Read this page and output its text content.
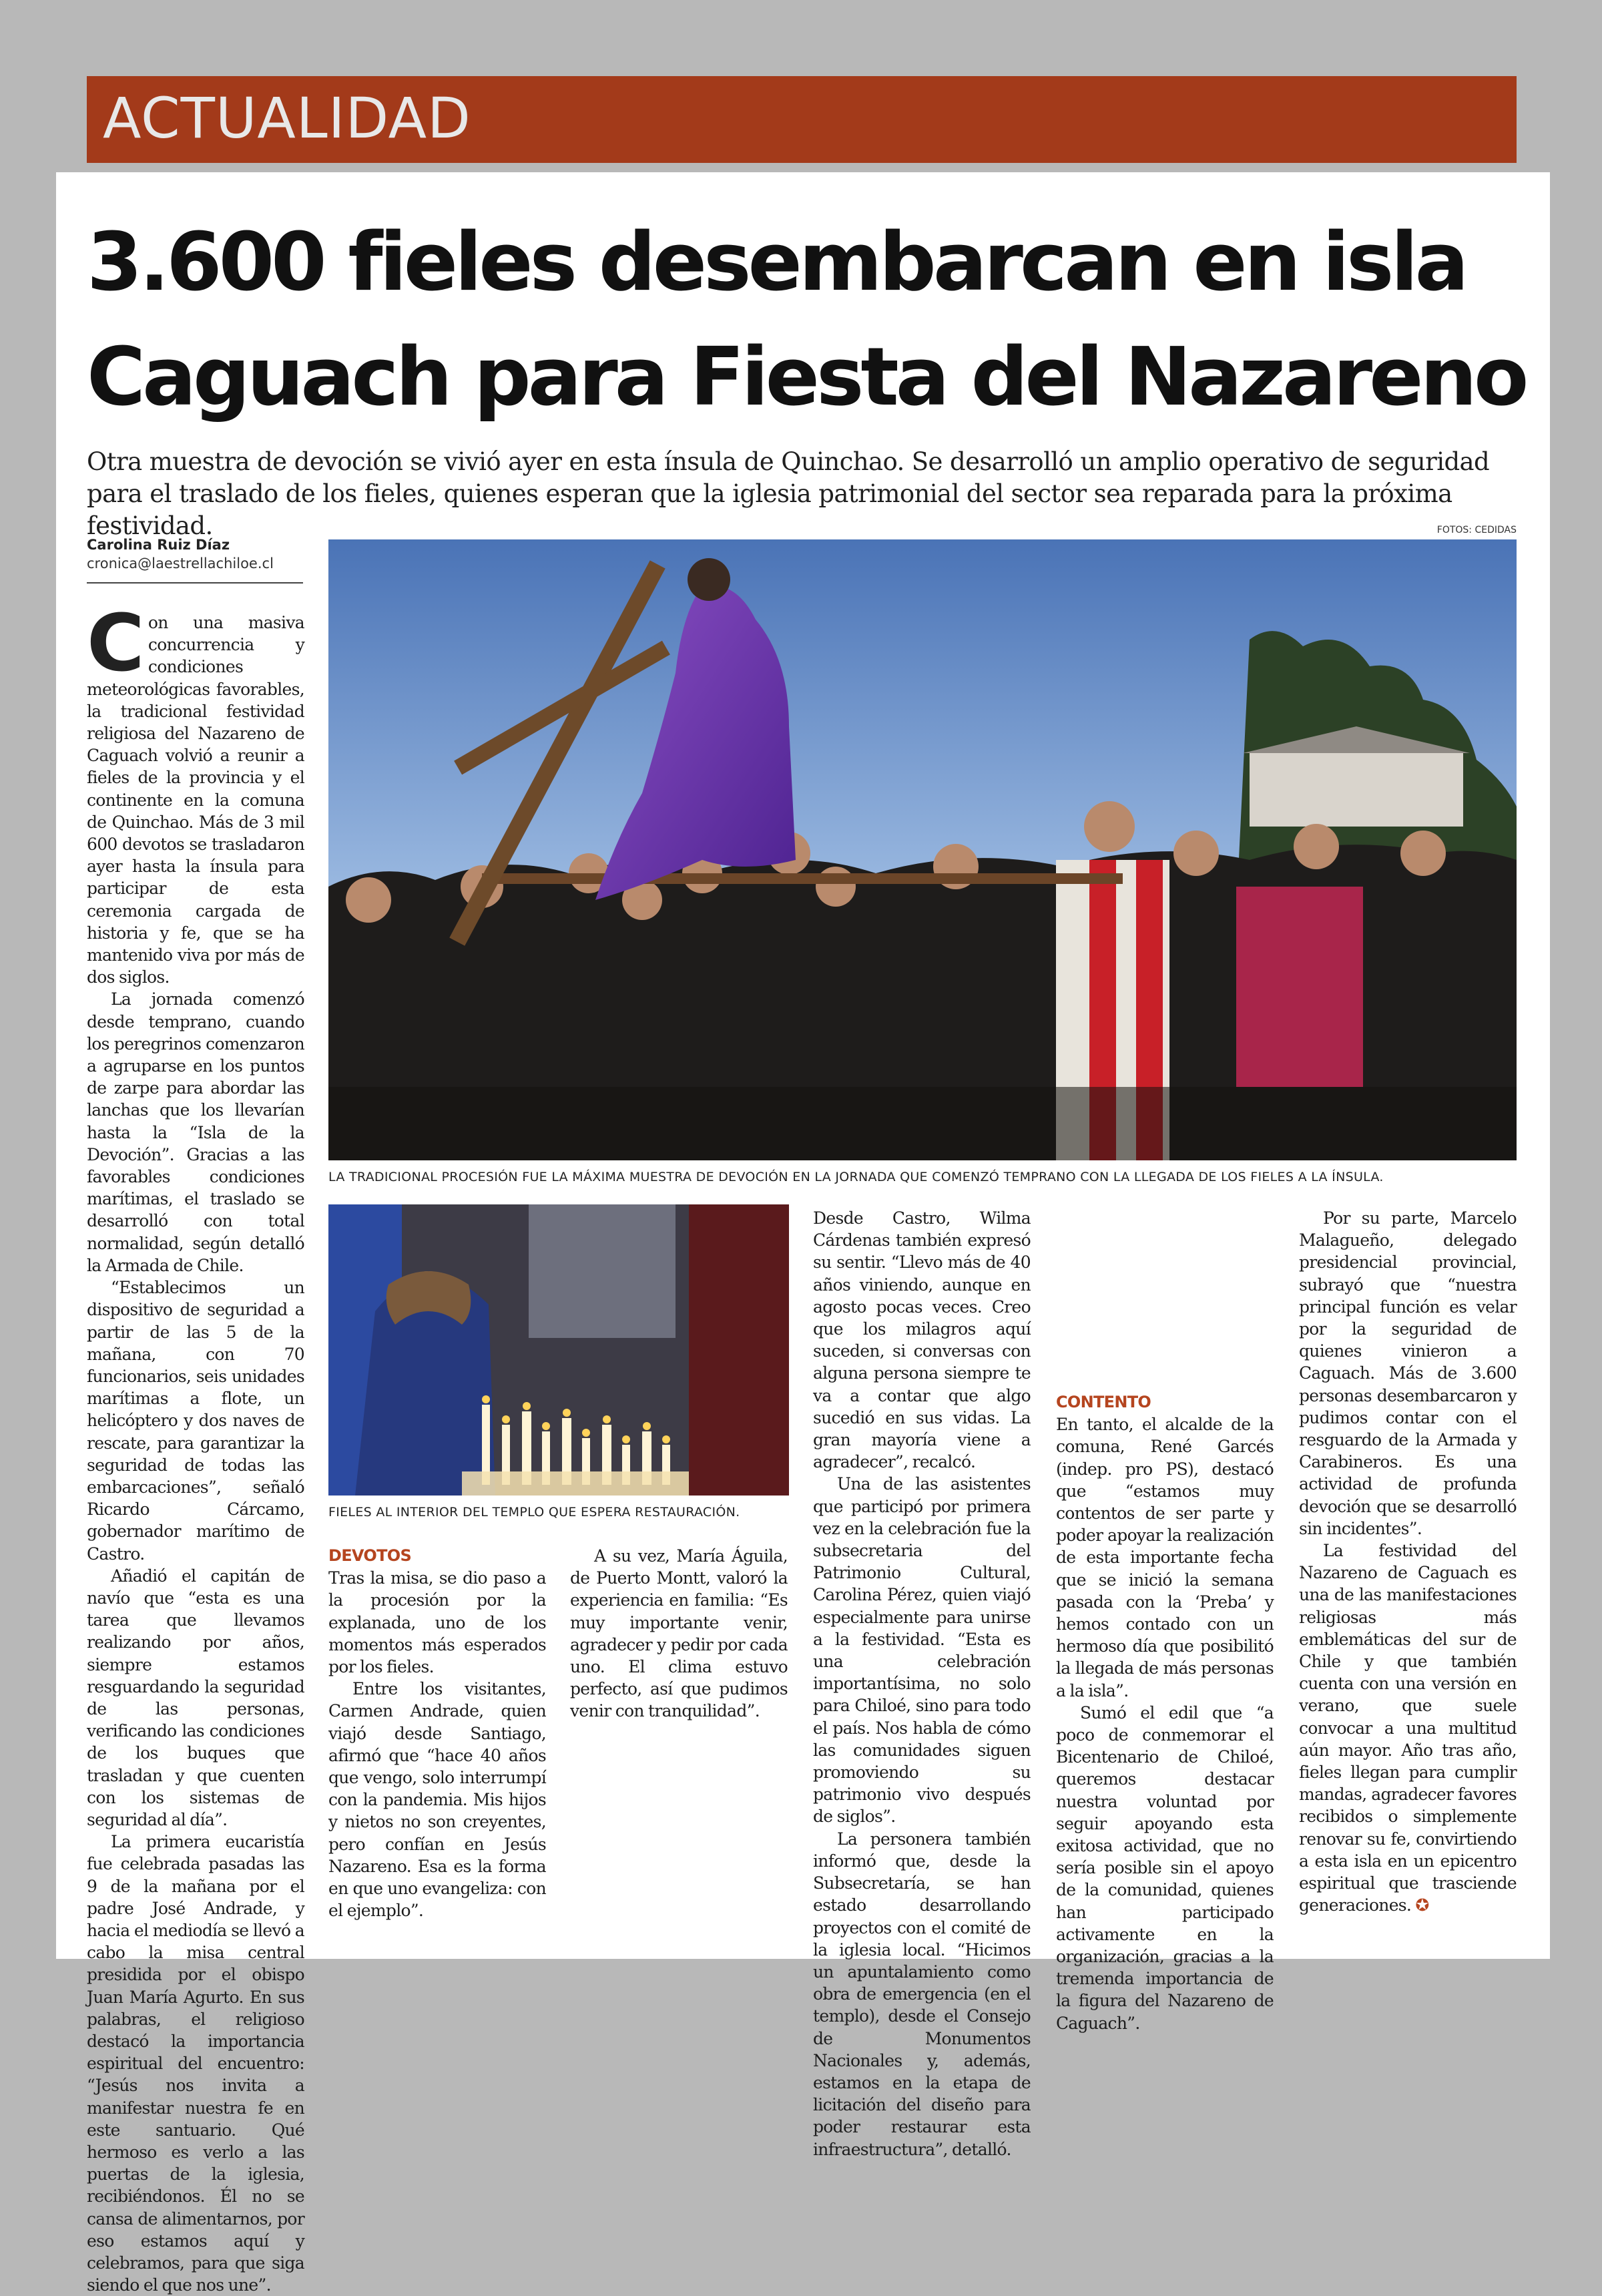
ACTUALIDAD
3.600 fieles desembarcan en isla
Caguach para Fiesta del Nazareno

Otra muestra de devoción se vivió ayer en esta ínsula de Quinchao. Se desarrolló un amplio operativo de seguridad para el traslado de los fieles, quienes esperan que la iglesia patrimonial del sector sea reparada para la próxima festividad.	FOTOS: CEDIDAS
Carolina Ruiz Díaz
cronica@laestrellachiloe.cl
LA TRADICIONAL PROCESIÓN FUE LA MÁXIMA MUESTRA DE DEVOCIÓN EN LA JORNADA QUE COMENZÓ TEMPRANO CON LA LLEGADA DE LOS FIELES A LA ÍNSULA.
FIELES AL INTERIOR DEL TEMPLO QUE ESPERA RESTAURACIÓN.

Con una masiva concurrencia y condiciones meteorológicas favorables, la tradicional festividad religiosa del Nazareno de Caguach volvió a reunir a fieles de la provincia y el continente en la comuna de Quinchao. Más de 3 mil 600 devotos se trasladaron ayer hasta la ínsula para participar de esta ceremonia cargada de historia y fe, que se ha mantenido viva por más de dos siglos.

La jornada comenzó desde temprano, cuando los peregrinos comenzaron a agruparse en los puntos de zarpe para abordar las lanchas que los llevarían hasta la “Isla de la Devoción”. Gracias a las favorables condiciones marítimas, el traslado se desarrolló con total normalidad, según detalló la Armada de Chile.

“Establecimos un dispositivo de seguridad a partir de las 5 de la mañana, con 70 funcionarios, seis unidades marítimas a flote, un helicóptero y dos naves de rescate, para garantizar la seguridad de todas las embarcaciones”, señaló Ricardo Cárcamo, gobernador marítimo de Castro.

Añadió el capitán de navío que “esta es una tarea que llevamos realizando por años, siempre estamos resguardando la seguridad de las personas, verificando las condiciones de los buques que trasladan y que cuenten con los sistemas de seguridad al día”.

La primera eucaristía fue celebrada pasadas las 9 de la mañana por el padre José Andrade, y hacia el mediodía se llevó a cabo la misa central presidida por el obispo Juan María Agurto. En sus palabras, el religioso destacó la importancia espiritual del encuentro: “Jesús nos invita a manifestar nuestra fe en este santuario. Qué hermoso es verlo a las puertas de la iglesia, recibiéndonos. Él no se cansa de alimentarnos, por eso estamos aquí y celebramos, para que siga siendo el que nos une”.

DEVOTOS

Tras la misa, se dio paso a la procesión por la explanada, uno de los momentos más esperados por los fieles.

Entre los visitantes, Carmen Andrade, quien viajó desde Santiago, afirmó que “hace 40 años que vengo, solo interrumpí con la pandemia. Mis hijos y nietos no son creyentes, pero confían en Jesús Nazareno. Esa es la forma en que uno evangeliza: con el ejemplo”.

A su vez, María Águila, de Puerto Montt, valoró la experiencia en familia: “Es muy importante venir, agradecer y pedir por cada uno. El clima estuvo perfecto, así que pudimos venir con tranquilidad”.

Desde Castro, Wilma Cárdenas también expresó su sentir. “Llevo más de 40 años viniendo, aunque en agosto pocas veces. Creo que los milagros aquí suceden, si conversas con alguna persona siempre te va a contar que algo sucedió en sus vidas. La gran mayoría viene a agradecer”, recalcó.

Una de las asistentes que participó por primera vez en la celebración fue la subsecretaria del Patrimonio Cultural, Carolina Pérez, quien viajó especialmente para unirse a la festividad. “Esta es una celebración importantísima, no solo para Chiloé, sino para todo el país. Nos habla de cómo las comunidades siguen promoviendo su patrimonio vivo después de siglos”.

La personera también informó que, desde la Subsecretaría, se han estado desarrollando proyectos con el comité de la iglesia local. “Hicimos un apuntalamiento como obra de emergencia (en el templo), desde el Consejo de Monumentos Nacionales y, además, estamos en la etapa de licitación del diseño para poder restaurar esta infraestructura”, detalló.

CONTENTO

En tanto, el alcalde de la comuna, René Garcés (indep. pro PS), destacó que “estamos muy contentos de ser parte y poder apoyar la realización de esta importante fecha que se inició la semana pasada con la ‘Preba’ y hemos contado con un hermoso día que posibilitó la llegada de más personas a la isla”.

Sumó el edil que “a poco de conmemorar el Bicentenario de Chiloé, queremos destacar nuestra voluntad por seguir apoyando esta exitosa actividad, que no sería posible sin el apoyo de la comunidad, quienes han participado activamente en la organización, gracias a la tremenda importancia de la figura del Nazareno de Caguach”.

Por su parte, Marcelo Malagueño, delegado presidencial provincial, subrayó que “nuestra principal función es velar por la seguridad de quienes vinieron a Caguach. Más de 3.600 personas desembarcaron y pudimos contar con el resguardo de la Armada y Carabineros. Es una actividad de profunda devoción que se desarrolló sin incidentes”.

La festividad del Nazareno de Caguach es una de las manifestaciones religiosas más emblemáticas del sur de Chile y que también cuenta con una versión en verano, que suele convocar a una multitud aún mayor. Año tras año, fieles llegan para cumplir mandas, agradecer favores recibidos o simplemente renovar su fe, convirtiendo a esta isla en un epicentro espiritual que trasciende generaciones. ✪
